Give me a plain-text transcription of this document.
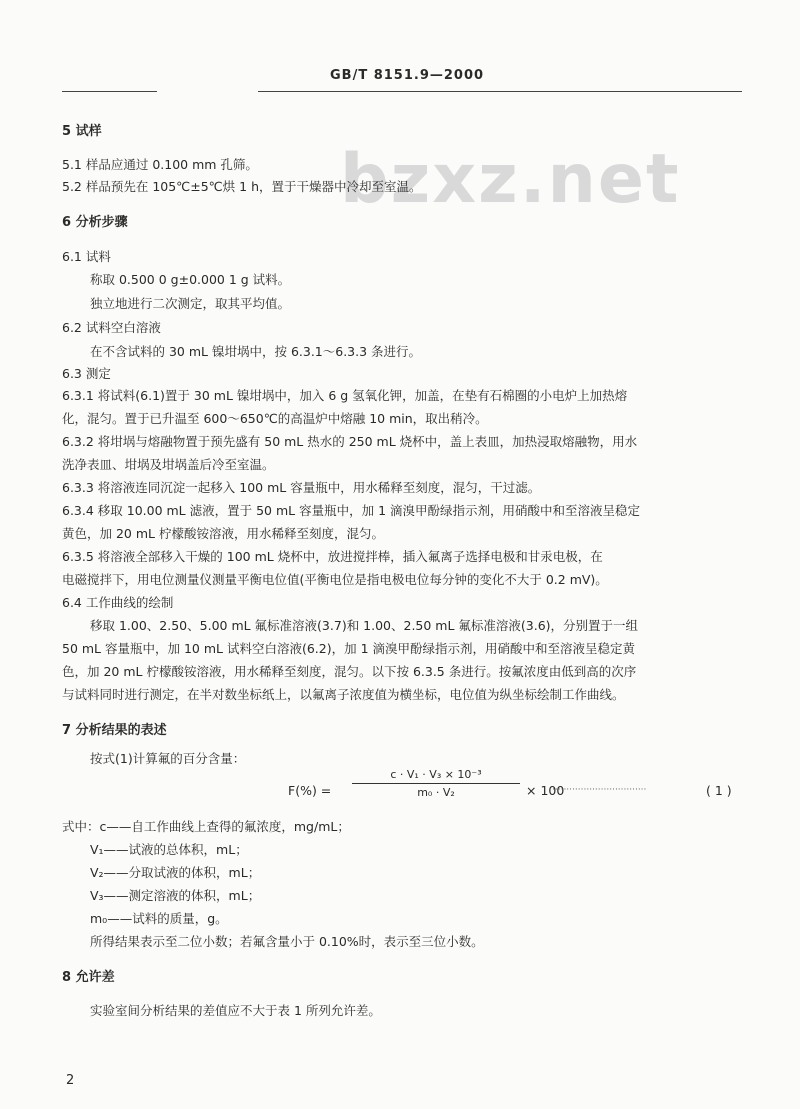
GB/T 8151.9—2000
bzxz.net
5 试样
5.1 样品应通过 0.100 mm 孔筛。
5.2 样品预先在 105℃±5℃烘 1 h，置于干燥器中冷却至室温。
6 分析步骤
6.1 试料
称取 0.500 0 g±0.000 1 g 试料。
独立地进行二次测定，取其平均值。
6.2 试料空白溶液
在不含试料的 30 mL 镍坩埚中，按 6.3.1～6.3.3 条进行。
6.3 测定
6.3.1 将试料(6.1)置于 30 mL 镍坩埚中，加入 6 g 氢氧化钾，加盖，在垫有石棉圈的小电炉上加热熔
化，混匀。置于已升温至 600～650℃的高温炉中熔融 10 min，取出稍冷。
6.3.2 将坩埚与熔融物置于预先盛有 50 mL 热水的 250 mL 烧杯中，盖上表皿，加热浸取熔融物，用水
洗净表皿、坩埚及坩埚盖后冷至室温。
6.3.3 将溶液连同沉淀一起移入 100 mL 容量瓶中，用水稀释至刻度，混匀，干过滤。
6.3.4 移取 10.00 mL 滤液，置于 50 mL 容量瓶中，加 1 滴溴甲酚绿指示剂，用硝酸中和至溶液呈稳定
黄色，加 20 mL 柠檬酸铵溶液，用水稀释至刻度，混匀。
6.3.5 将溶液全部移入干燥的 100 mL 烧杯中，放进搅拌棒，插入氟离子选择电极和甘汞电极，在
电磁搅拌下，用电位测量仪测量平衡电位值(平衡电位是指电极电位每分钟的变化不大于 0.2 mV)。
6.4 工作曲线的绘制
移取 1.00、2.50、5.00 mL 氟标准溶液(3.7)和 1.00、2.50 mL 氟标准溶液(3.6)，分别置于一组
50 mL 容量瓶中，加 10 mL 试料空白溶液(6.2)，加 1 滴溴甲酚绿指示剂，用硝酸中和至溶液呈稳定黄
色，加 20 mL 柠檬酸铵溶液，用水稀释至刻度，混匀。以下按 6.3.5 条进行。按氟浓度由低到高的次序
与试料同时进行测定，在半对数坐标纸上，以氟离子浓度值为横坐标，电位值为纵坐标绘制工作曲线。
7 分析结果的表述
按式(1)计算氟的百分含量：
$F(\%) = \frac{\text{c · V₁ · V₃ × 10⁻³}}{\text{m₀ · V₂}} \times 100$
·································	( 1 )
式中：c——自工作曲线上查得的氟浓度，mg/mL；
V₁——试液的总体积，mL；
V₂——分取试液的体积，mL；
V₃——测定溶液的体积，mL；
m₀——试料的质量，g。
所得结果表示至二位小数；若氟含量小于 0.10%时，表示至三位小数。
8 允许差
实验室间分析结果的差值应不大于表 1 所列允许差。
2
